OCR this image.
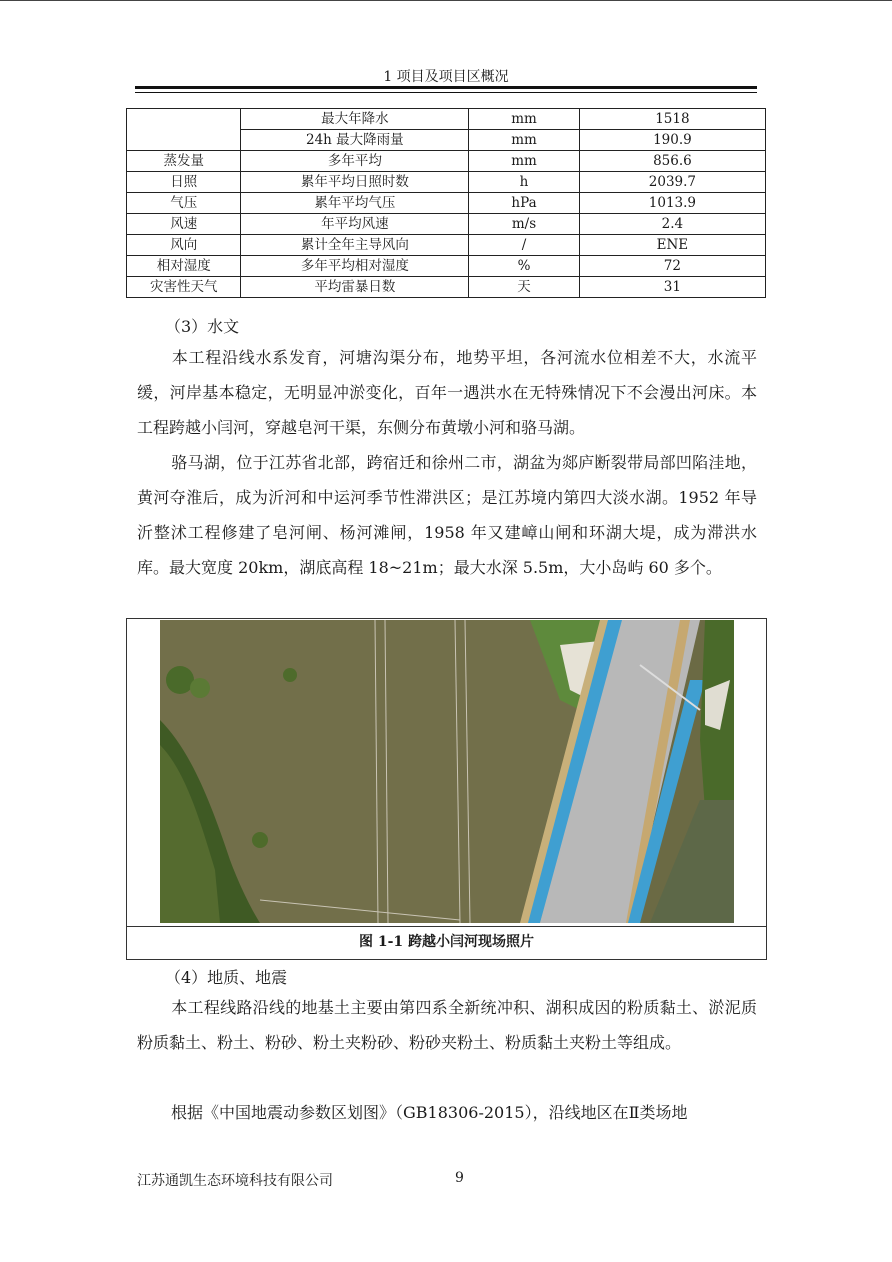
1 项目及项目区概况
	最大年降水	mm	1518
	24h 最大降雨量	mm	190.9
蒸发量	多年平均	mm	856.6
日照	累年平均日照时数	h	2039.7
气压	累年平均气压	hPa	1013.9
风速	年平均风速	m/s	2.4
风向	累计全年主导风向	/	ENE
相对湿度	多年平均相对湿度	%	72
灾害性天气	平均雷暴日数	天	31
（3）水文

本工程沿线水系发育，河塘沟渠分布，地势平坦，各河流水位相差不大，水流平缓，河岸基本稳定，无明显冲淤变化，百年一遇洪水在无特殊情况下不会漫出河床。本工程跨越小闫河，穿越皂河干渠，东侧分布黄墩小河和骆马湖。

骆马湖，位于江苏省北部，跨宿迁和徐州二市，湖盆为郯庐断裂带局部凹陷洼地，黄河夺淮后，成为沂河和中运河季节性滞洪区；是江苏境内第四大淡水湖。1952 年导沂整沭工程修建了皂河闸、杨河滩闸，1958 年又建嶂山闸和环湖大堤，成为滞洪水库。最大宽度 20km，湖底高程 18~21m；最大水深 5.5m，大小岛屿 60 多个。

图 1-1 跨越小闫河现场照片
（4）地质、地震

本工程线路沿线的地基土主要由第四系全新统冲积、湖积成因的粉质黏土、淤泥质粉质黏土、粉土、粉砂、粉土夹粉砂、粉砂夹粉土、粉质黏土夹粉土等组成。

根据《中国地震动参数区划图》（GB18306-2015），沿线地区在Ⅱ类场地

江苏通凯生态环境科技有限公司	9
